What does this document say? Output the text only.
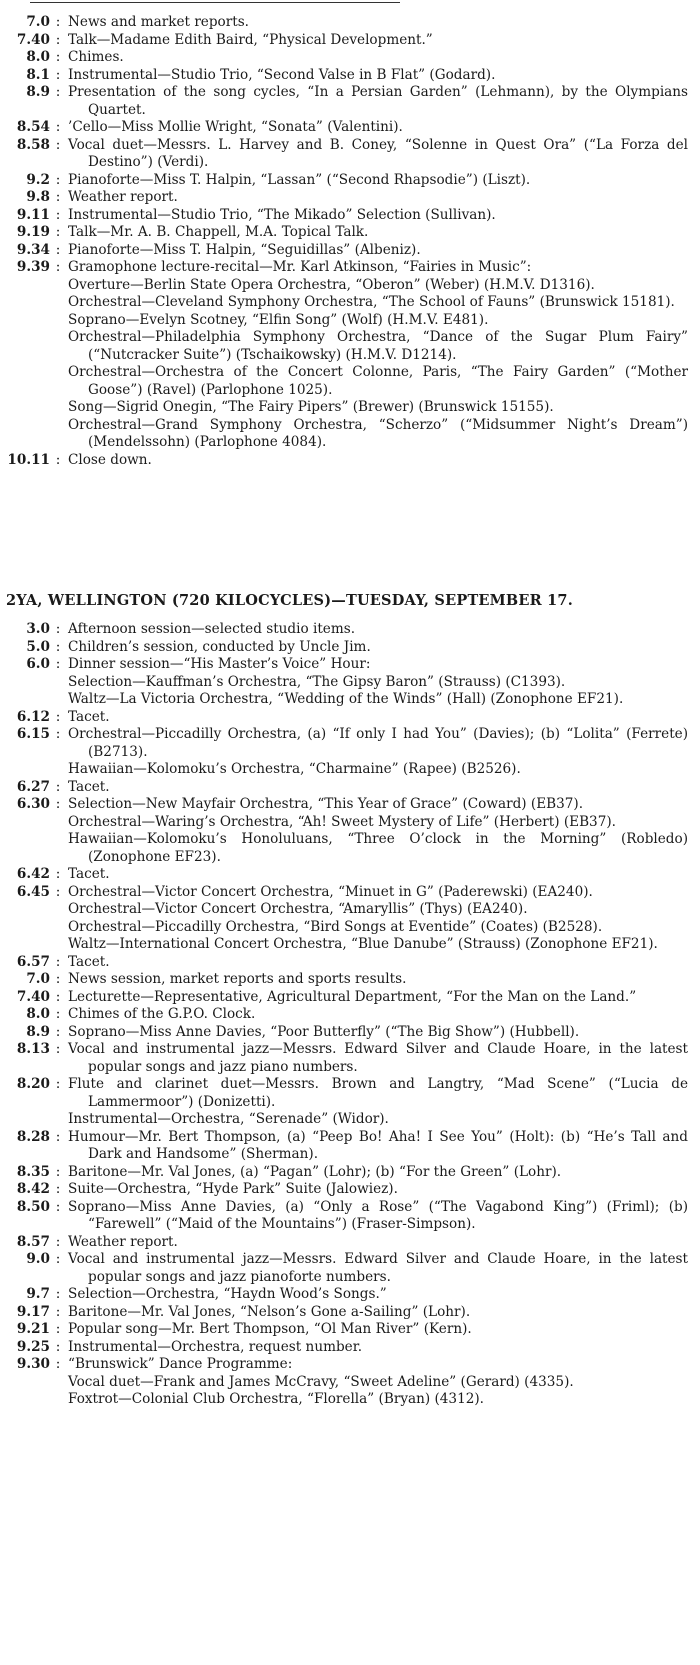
7.0 : News and market reports.
7.40 : Talk—Madame Edith Baird, “Physical Development.”
8.0 : Chimes.
8.1 : Instrumental—Studio Trio, “Second Valse in B Flat” (Godard).
8.9 : Presentation of the song cycles, “In a Persian Garden” (Lehmann), by the Olympians Quartet.
8.54 : ’Cello—Miss Mollie Wright, “Sonata” (Valentini).
8.58 : Vocal duet—Messrs. L. Harvey and B. Coney, “Solenne in Quest Ora” (“La Forza del Destino”) (Verdi).
9.2 : Pianoforte—Miss T. Halpin, “Lassan” (“Second Rhapsodie”) (Liszt).
9.8 : Weather report.
9.11 : Instrumental—Studio Trio, “The Mikado” Selection (Sullivan).
9.19 : Talk—Mr. A. B. Chappell, M.A. Topical Talk.
9.34 : Pianoforte—Miss T. Halpin, “Seguidillas” (Albeniz).
9.39 : Gramophone lecture-recital—Mr. Karl Atkinson, “Fairies in Music”:
Overture—Berlin State Opera Orchestra, “Oberon” (Weber) (H.M.V. D1316).
Orchestral—Cleveland Symphony Orchestra, “The School of Fauns” (Brunswick 15181).
Soprano—Evelyn Scotney, “Elfin Song” (Wolf) (H.M.V. E481).
Orchestral—Philadelphia Symphony Orchestra, “Dance of the Sugar Plum Fairy” (“Nutcracker Suite”) (Tschaikowsky) (H.M.V. D1214).
Orchestral—Orchestra of the Concert Colonne, Paris, “The Fairy Garden” (“Mother Goose”) (Ravel) (Parlophone 1025).
Song—Sigrid Onegin, “The Fairy Pipers” (Brewer) (Brunswick 15155).
Orchestral—Grand Symphony Orchestra, “Scherzo” (“Midsummer Night’s Dream”) (Mendelssohn) (Parlophone 4084).
10.11 : Close down.
2YA, WELLINGTON (720 KILOCYCLES)—TUESDAY, SEPTEMBER 17.
3.0 : Afternoon session—selected studio items.
5.0 : Children’s session, conducted by Uncle Jim.
6.0 : Dinner session—“His Master’s Voice” Hour:
Selection—Kauffman’s Orchestra, “The Gipsy Baron” (Strauss) (C1393).
Waltz—La Victoria Orchestra, “Wedding of the Winds” (Hall) (Zonophone EF21).
6.12 : Tacet.
6.15 : Orchestral—Piccadilly Orchestra, (a) “If only I had You” (Davies); (b) “Lolita” (Ferrete) (B2713).
Hawaiian—Kolomoku’s Orchestra, “Charmaine” (Rapee) (B2526).
6.27 : Tacet.
6.30 : Selection—New Mayfair Orchestra, “This Year of Grace” (Coward) (EB37).
Orchestral—Waring’s Orchestra, “Ah! Sweet Mystery of Life” (Herbert) (EB37).
Hawaiian—Kolomoku’s Honoluluans, “Three O’clock in the Morning” (Robledo) (Zonophone EF23).
6.42 : Tacet.
6.45 : Orchestral—Victor Concert Orchestra, “Minuet in G” (Paderewski) (EA240).
Orchestral—Victor Concert Orchestra, “Amaryllis” (Thys) (EA240).
Orchestral—Piccadilly Orchestra, “Bird Songs at Eventide” (Coates) (B2528).
Waltz—International Concert Orchestra, “Blue Danube” (Strauss) (Zonophone EF21).
6.57 : Tacet.
7.0 : News session, market reports and sports results.
7.40 : Lecturette—Representative, Agricultural Department, “For the Man on the Land.”
8.0 : Chimes of the G.P.O. Clock.
8.9 : Soprano—Miss Anne Davies, “Poor Butterfly” (“The Big Show”) (Hubbell).
8.13 : Vocal and instrumental jazz—Messrs. Edward Silver and Claude Hoare, in the latest popular songs and jazz piano numbers.
8.20 : Flute and clarinet duet—Messrs. Brown and Langtry, “Mad Scene” (“Lucia de Lammermoor”) (Donizetti).
Instrumental—Orchestra, “Serenade” (Widor).
8.28 : Humour—Mr. Bert Thompson, (a) “Peep Bo! Aha! I See You” (Holt): (b) “He’s Tall and Dark and Handsome” (Sherman).
8.35 : Baritone—Mr. Val Jones, (a) “Pagan” (Lohr); (b) “For the Green” (Lohr).
8.42 : Suite—Orchestra, “Hyde Park” Suite (Jalowiez).
8.50 : Soprano—Miss Anne Davies, (a) “Only a Rose” (“The Vagabond King”) (Friml); (b) “Farewell” (“Maid of the Mountains”) (Fraser-Simpson).
8.57 : Weather report.
9.0 : Vocal and instrumental jazz—Messrs. Edward Silver and Claude Hoare, in the latest popular songs and jazz pianoforte numbers.
9.7 : Selection—Orchestra, “Haydn Wood’s Songs.”
9.17 : Baritone—Mr. Val Jones, “Nelson’s Gone a-Sailing” (Lohr).
9.21 : Popular song—Mr. Bert Thompson, “Ol Man River” (Kern).
9.25 : Instrumental—Orchestra, request number.
9.30 : “Brunswick” Dance Programme:
Vocal duet—Frank and James McCravy, “Sweet Adeline” (Gerard) (4335).
Foxtrot—Colonial Club Orchestra, “Florella” (Bryan) (4312).
